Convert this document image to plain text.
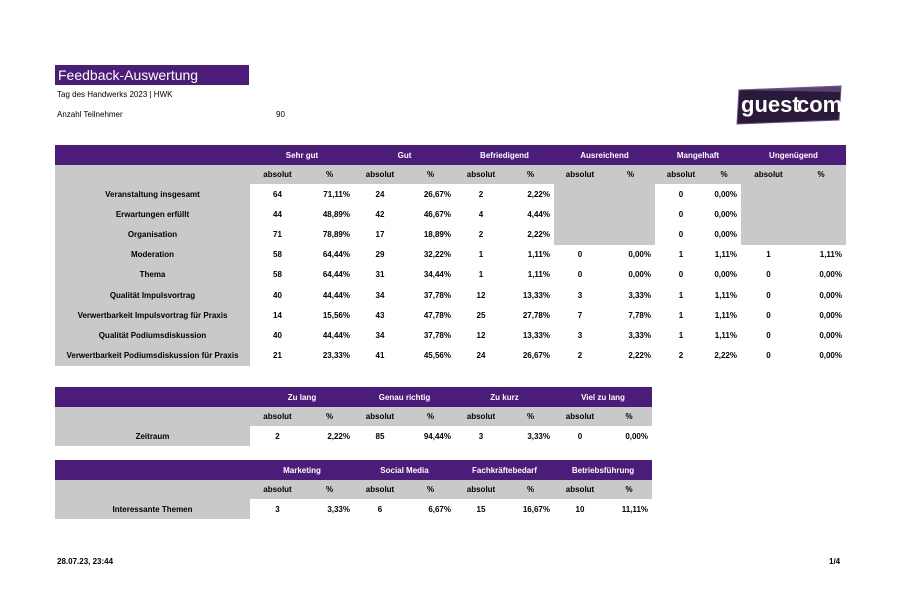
Feedback-Auswertung
Tag des Handwerks 2023 | HWK
Anzahl Teilnehmer	90	guest
com
	Sehr gut		Gut		Befriedigend		Ausreichend		Mangelhaft		Ungenügend	
	absolut	%	absolut	%	absolut	%	absolut	%	absolut	%	absolut	%
Veranstaltung insgesamt	64	71,11%	24	26,67%	2	2,22%			0	0,00%		
Erwartungen erfüllt	44	48,89%	42	46,67%	4	4,44%			0	0,00%		
Organisation	71	78,89%	17	18,89%	2	2,22%			0	0,00%		
Moderation	58	64,44%	29	32,22%	1	1,11%	0	0,00%	1	1,11%	1	1,11%
Thema	58	64,44%	31	34,44%	1	1,11%	0	0,00%	0	0,00%	0	0,00%
Qualität Impulsvortrag	40	44,44%	34	37,78%	12	13,33%	3	3,33%	1	1,11%	0	0,00%
Verwertbarkeit Impulsvortrag für Praxis	14	15,56%	43	47,78%	25	27,78%	7	7,78%	1	1,11%	0	0,00%
Qualität Podiumsdiskussion	40	44,44%	34	37,78%	12	13,33%	3	3,33%	1	1,11%	0	0,00%
Verwertbarkeit Podiumsdiskussion für Praxis	21	23,33%	41	45,56%	24	26,67%	2	2,22%	2	2,22%	0	0,00%
	Zu lang		Genau richtig		Zu kurz		Viel zu lang	
	absolut	%	absolut	%	absolut	%	absolut	%
Zeitraum	2	2,22%	85	94,44%	3	3,33%	0	0,00%
	Marketing		Social Media		Fachkräftebedarf		Betriebsführung	
	absolut	%	absolut	%	absolut	%	absolut	%
Interessante Themen	3	3,33%	6	6,67%	15	16,67%	10	11,11%
28.07.23, 23:44	1/4
